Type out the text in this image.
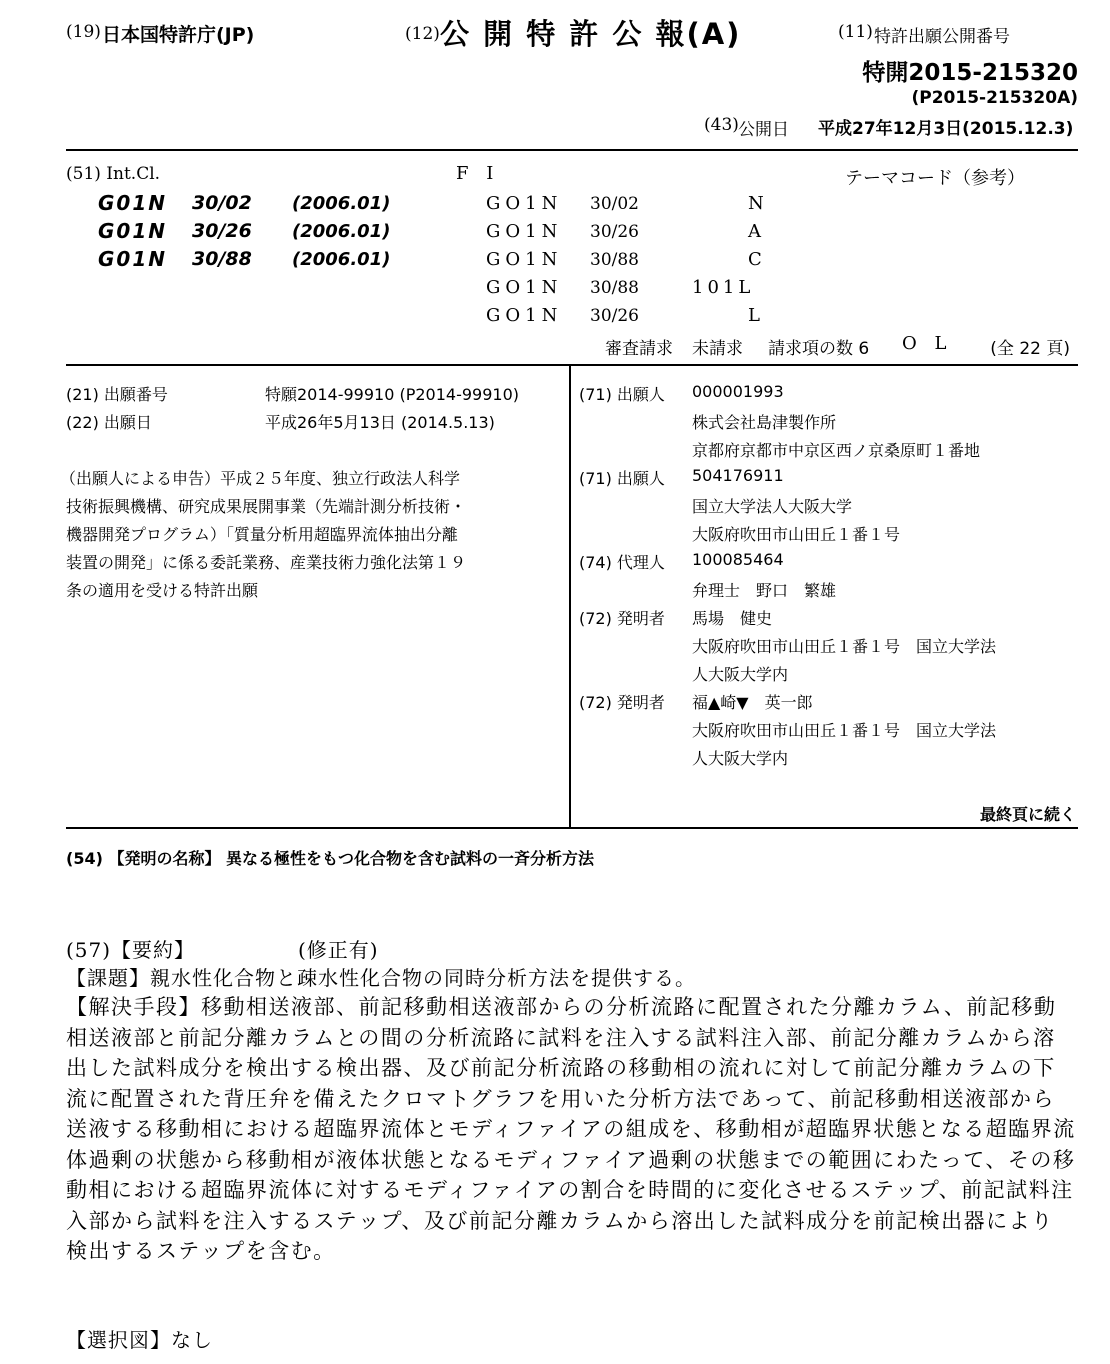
(19) 日本国特許庁(JP)	(12) 公 開 特 許 公 報(A)	(11) 特許出願公開番号
特開2015-215320
(P2015-215320A)
(43) 公開日 平成27年12月3日(2015.12.3)
(51) Int.Cl.	F I	テーマコード（参考）
G01N 30/02 (2006.01)
G01N 30/26 (2006.01)
G01N 30/88 (2006.01)
GO1N 30/02	N
GO1N 30/26	A
GO1N 30/88	C
GO1N 30/88	101L
GO1N 30/26	L
審査請求 未請求 請求項の数 6 O L (全 22 頁)
(21) 出願番号	特願2014-99910 (P2014-99910)
(22) 出願日	平成26年5月13日 (2014.5.13)
（出願人による申告）平成２５年度、独立行政法人科学
技術振興機構、研究成果展開事業（先端計測分析技術・
機器開発プログラム）「質量分析用超臨界流体抽出分離
装置の開発」に係る委託業務、産業技術力強化法第１９
条の適用を受ける特許出願
(71) 出願人 000001993
株式会社島津製作所
京都府京都市中京区西ノ京桑原町１番地
(71) 出願人 504176911
国立大学法人大阪大学
大阪府吹田市山田丘１番１号
(74) 代理人 100085464
弁理士　野口　繁雄
(72) 発明者 馬場　健史
大阪府吹田市山田丘１番１号　国立大学法
人大阪大学内
(72) 発明者 福▲崎▼　英一郎
大阪府吹田市山田丘１番１号　国立大学法
人大阪大学内
最終頁に続く
(54) 【発明の名称】 異なる極性をもつ化合物を含む試料の一斉分析方法
(57)【要約】	(修正有)
【課題】親水性化合物と疎水性化合物の同時分析方法を提供する。
【解決手段】移動相送液部、前記移動相送液部からの分析流路に配置された分離カラム、前記移動相送液部と前記分離カラムとの間の分析流路に試料を注入する試料注入部、前記分離カラムから溶出した試料成分を検出する検出器、及び前記分析流路の移動相の流れに対して前記分離カラムの下流に配置された背圧弁を備えたクロマトグラフを用いた分析方法であって、前記移動相送液部から送液する移動相における超臨界流体とモディファイアの組成を、移動相が超臨界状態となる超臨界流体過剰の状態から移動相が液体状態となるモディファイア過剰の状態までの範囲にわたって、その移動相における超臨界流体に対するモディファイアの割合を時間的に変化させるステップ、前記試料注入部から試料を注入するステップ、及び前記分離カラムから溶出した試料成分を前記検出器により検出するステップを含む。
【選択図】なし
